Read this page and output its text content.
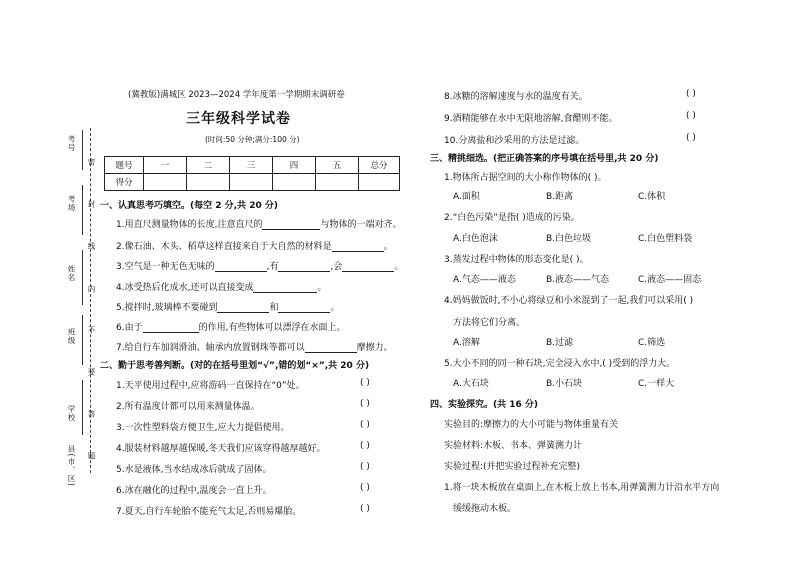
密
封
线
内
不
要
答
题
考号
考场
姓名
班级
学校
县(市、区)
(冀教版)满城区 2023—2024 学年度第一学期期末调研卷
三年级科学试卷
(时间:50 分钟;满分:100 分)
题号	一	二	三	四	五	总分
得分						
一、认真思考巧填空。(每空 2 分,共 20 分)
1.用直尺测量物体的长度,注意直尺的	与物体的一端对齐。
2.像石油、木头、稻草这样直接来自于大自然的材料是	。
3.空气是一种无色无味的	,有	,会	。
4.冰受热后化成水,还可以直接变成	。
5.搅拌时,玻璃棒不要碰到	和	。
6.由于	的作用,有些物体可以漂浮在水面上。
7.给自行车加润滑油、轴承内放置钢珠等都可以	摩擦力。
二、勤于思考善判断。(对的在括号里划“√”,错的划“×”,共 20 分)
1.天平使用过程中,应将游码一直保持在“0”处。	( )
2.所有温度计都可以用来测量体温。	( )
3.一次性塑料袋方便卫生,应大力提倡使用。	( )
4.服装材料越厚越保暖,冬天我们应该穿得越厚越好。	( )
5.水是液体,当水结成冰后就成了固体。	( )
6.冰在融化的过程中,温度会一直上升。	( )
7.夏天,自行车轮胎不能充气太足,否则易爆胎。	( )
8.冰糖的溶解速度与水的温度有关。	( )
9.酒精能够在水中无限地溶解,食醋则不能。	( )
10.分离盐和沙采用的方法是过滤。	( )
三、精挑细选。(把正确答案的序号填在括号里,共 20 分)
1.物体所占据空间的大小称作物体的( )。
A.面积	B.距离	C.体积
2.“白色污染”是指( )造成的污染。
A.白色泡沫	B.白色垃圾	C.白色塑料袋
3.蒸发过程中物体的形态变化是( )。
A.气态——液态	B.液态——气态	C.液态——固态
4.妈妈做饭时,不小心将绿豆和小米混到了一起,我们可以采用( )
方法将它们分离。
A.溶解	B.过滤	C.筛选
5.大小不同的同一种石块,完全浸入水中,( )受到的浮力大。
A.大石块	B.小石块	C.一样大
四、实验探究。(共 16 分)
实验目的:摩擦力的大小可能与物体重量有关
实验材料:木板、书本、弹簧测力计
实验过程:(并把实验过程补充完整)
1.将一块木板放在桌面上,在木板上放上书本,用弹簧测力计沿水平方向
缓缓拖动木板。
